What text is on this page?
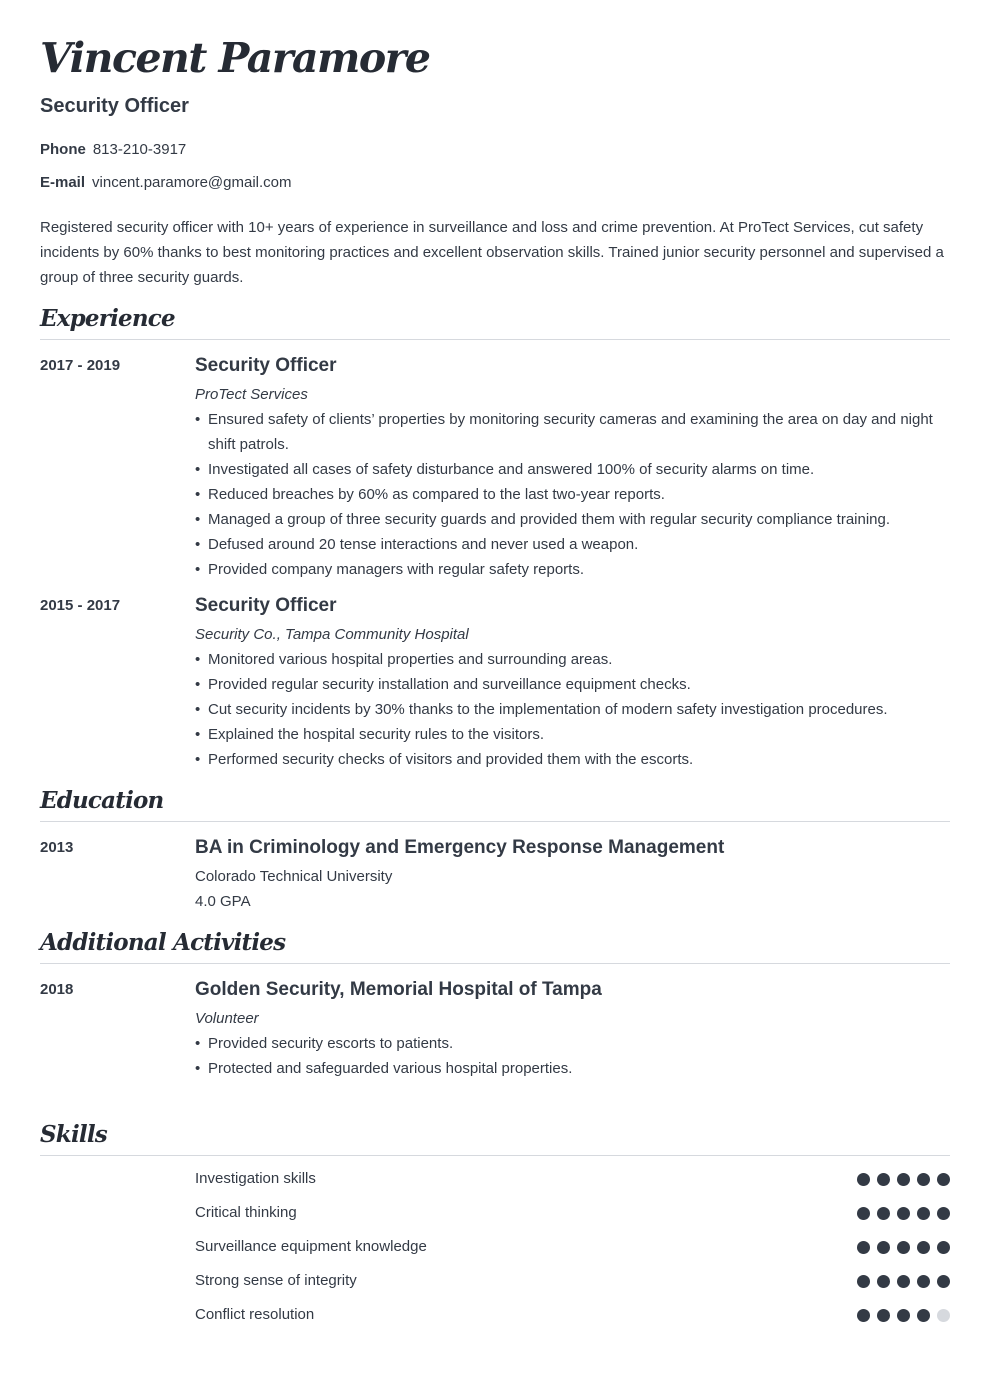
Vincent Paramore
Security Officer
Phone 813-210-3917
E-mail vincent.paramore@gmail.com
Registered security officer with 10+ years of experience in surveillance and loss and crime prevention. At ProTect Services, cut safety incidents by 60% thanks to best monitoring practices and excellent observation skills. Trained junior security personnel and supervised a group of three security guards.
Experience
2017 - 2019	Security Officer
ProTect Services
• Ensured safety of clients’ properties by monitoring security cameras and examining the area on day and night shift patrols.
• Investigated all cases of safety disturbance and answered 100% of security alarms on time.
• Reduced breaches by 60% as compared to the last two-year reports.
• Managed a group of three security guards and provided them with regular security compliance training.
• Defused around 20 tense interactions and never used a weapon.
• Provided company managers with regular safety reports.
2015 - 2017	Security Officer
Security Co., Tampa Community Hospital
• Monitored various hospital properties and surrounding areas.
• Provided regular security installation and surveillance equipment checks.
• Cut security incidents by 30% thanks to the implementation of modern safety investigation procedures.
• Explained the hospital security rules to the visitors.
• Performed security checks of visitors and provided them with the escorts.
Education
2013	BA in Criminology and Emergency Response Management
Colorado Technical University
4.0 GPA
Additional Activities
2018	Golden Security, Memorial Hospital of Tampa
Volunteer
• Provided security escorts to patients.
• Protected and safeguarded various hospital properties.
Skills
Investigation skills
Critical thinking
Surveillance equipment knowledge
Strong sense of integrity
Conflict resolution
